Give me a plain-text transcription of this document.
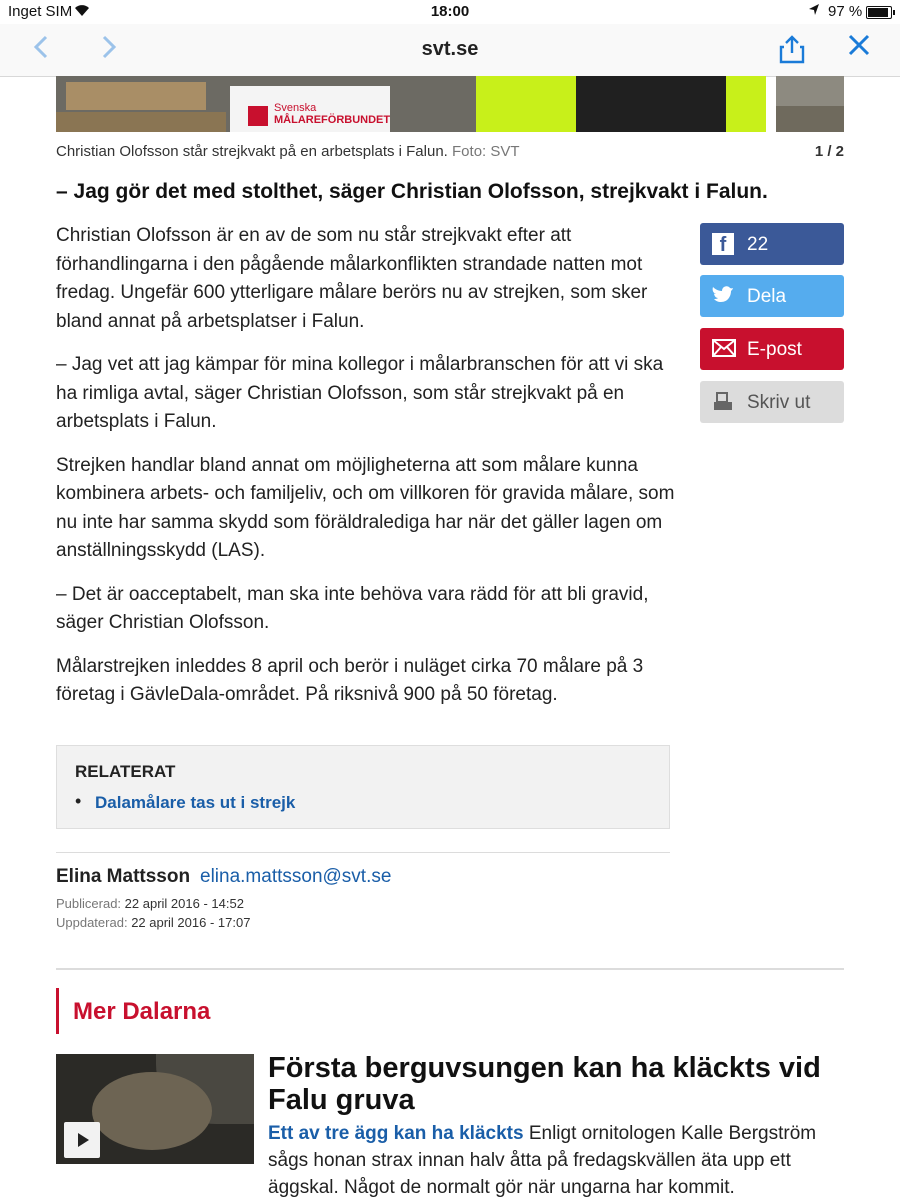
Inget SIM	18:00	97 %
svt.se
Svenska
MÅLAREFÖRBUNDET
Christian Olofsson står strejkvakt på en arbetsplats i Falun. Foto: SVT	1 / 2
– Jag gör det med stolthet, säger Christian Olofsson, strejkvakt i Falun.

Christian Olofsson är en av de som nu står strejkvakt efter att förhandlingarna i den pågående målarkonflikten strandade natten mot fredag. Ungefär 600 ytterligare målare berörs nu av strejken, som sker bland annat på arbetsplatser i Falun.

– Jag vet att jag kämpar för mina kollegor i målarbranschen för att vi ska ha rimliga avtal, säger Christian Olofsson, som står strejkvakt på en arbetsplats i Falun.

Strejken handlar bland annat om möjligheterna att som målare kunna kombinera arbets- och familjeliv, och om villkoren för gravida målare, som nu inte har samma skydd som föräldralediga har när det gäller lagen om anställningsskydd (LAS).

– Det är oacceptabelt, man ska inte behöva vara rädd för att bli gravid, säger Christian Olofsson.

Målarstrejken inleddes 8 april och berör i nuläget cirka 70 målare på 3 företag i GävleDala-området. På riksnivå 900 på 50 företag.

f	22
Dela
E-post
Skriv ut
RELATERAT
• Dalamålare tas ut i strejk
Elina Mattsson elina.mattsson@svt.se
Publicerad: 22 april 2016 - 14:52
Uppdaterad: 22 april 2016 - 17:07
Mer Dalarna
Första berguvsungen kan ha kläckts vid Falu gruva
Ett av tre ägg kan ha kläckts Enligt ornitologen Kalle Bergström sågs honan strax innan halv åtta på fredagskvällen äta upp ett äggskal. Något de normalt gör när ungarna har kommit.
